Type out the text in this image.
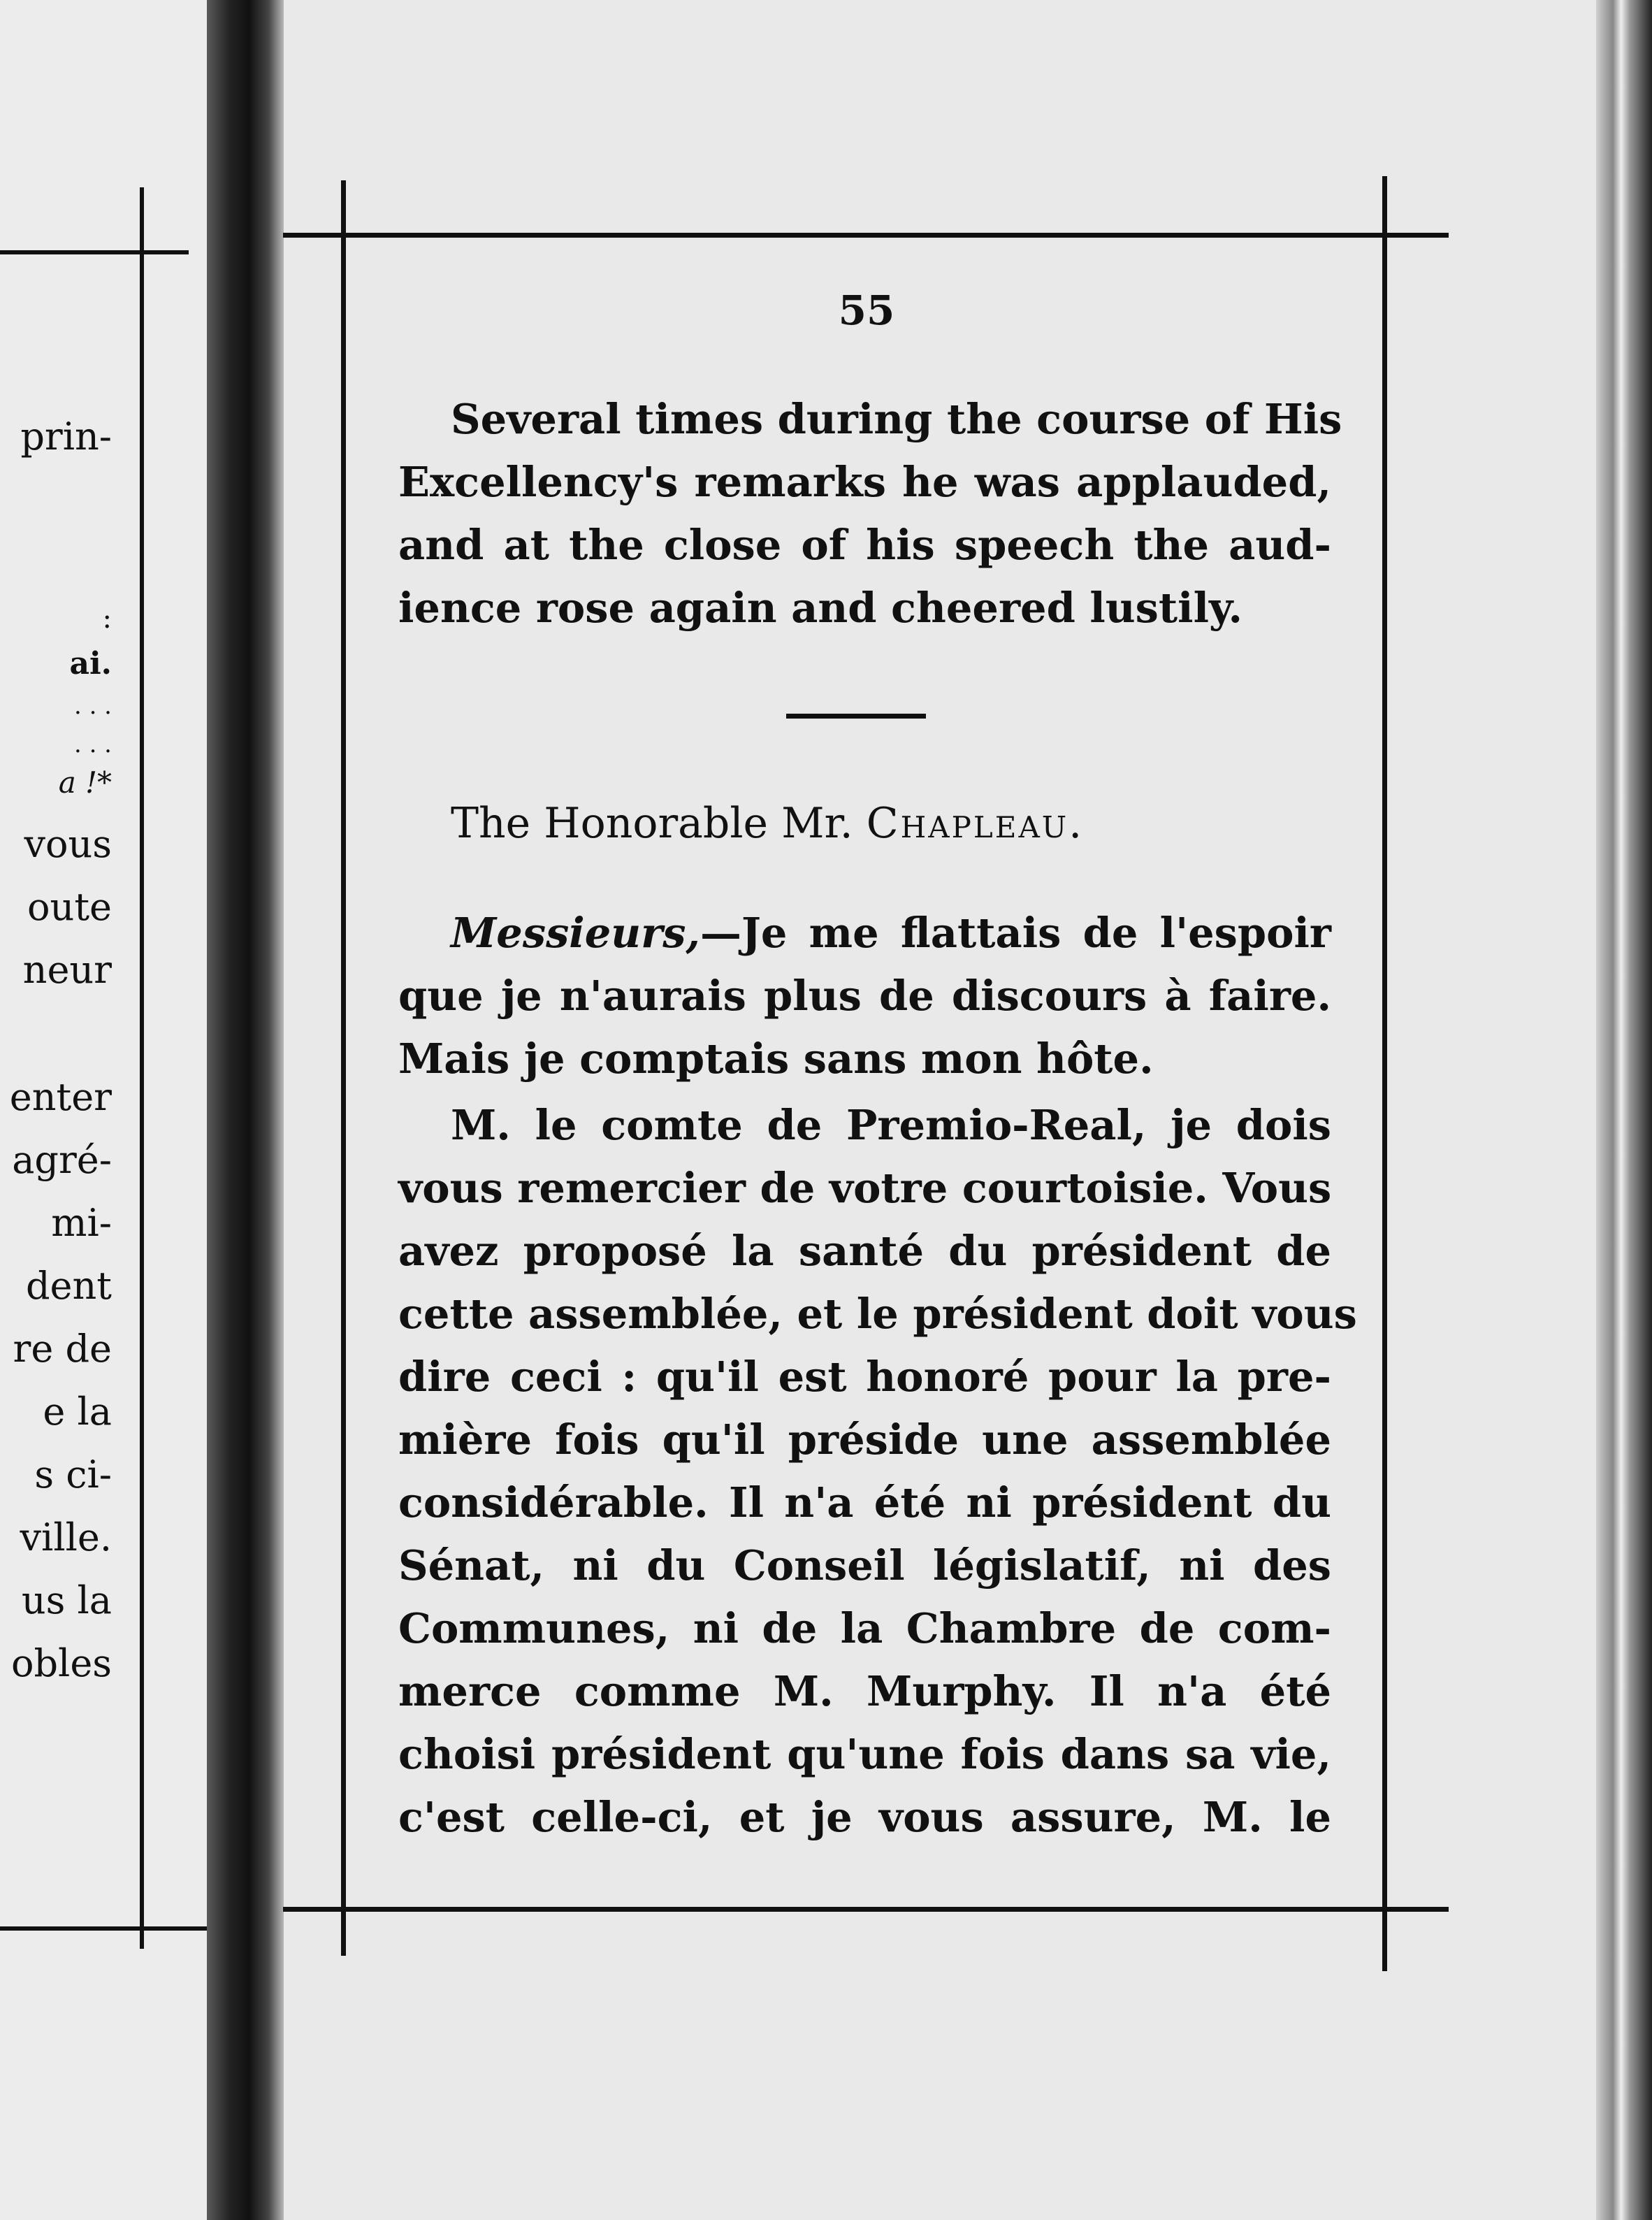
prin-
:
ai.
. . .
. . .
a !*
vous
oute
neur
enter
agré-
mi-
dent
re de
e la
s ci-
ville.
us la
obles
55
Several times during the course of His
Excellency's remarks he was applauded,
and at the close of his speech the aud-
ience rose again and cheered lustily.
The Honorable Mr. Chapleau.
Messieurs,—Je me flattais de l'espoir
que je n'aurais plus de discours à faire.
Mais je comptais sans mon hôte.
M. le comte de Premio-Real, je dois
vous remercier de votre courtoisie. Vous
avez proposé la santé du président de
cette assemblée, et le président doit vous
dire ceci : qu'il est honoré pour la pre-
mière fois qu'il préside une assemblée
considérable. Il n'a été ni président du
Sénat, ni du Conseil législatif, ni des
Communes, ni de la Chambre de com-
merce comme M. Murphy. Il n'a été
choisi président qu'une fois dans sa vie,
c'est celle-ci, et je vous assure, M. le
